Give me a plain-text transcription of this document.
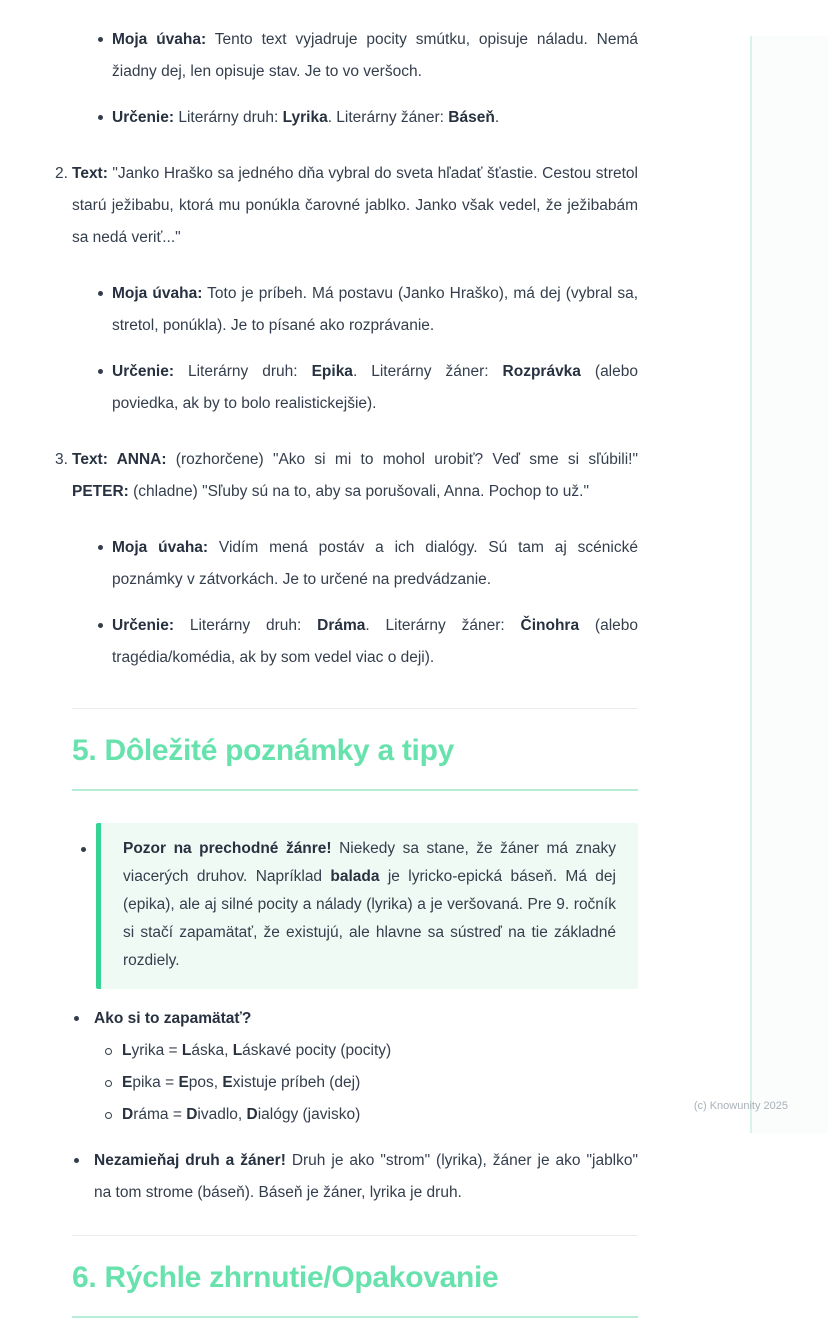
Moja úvaha: Tento text vyjadruje pocity smútku, opisuje náladu. Nemá žiadny dej, len opisuje stav. Je to vo veršoch.

Určenie: Literárny druh: Lyrika. Literárny žáner: Báseň.

2. Text: "Janko Hraško sa jedného dňa vybral do sveta hľadať šťastie. Cestou stretol starú ježibabu, ktorá mu ponúkla čarovné jablko. Janko však vedel, že ježibabám sa nedá veriť..."

Moja úvaha: Toto je príbeh. Má postavu (Janko Hraško), má dej (vybral sa, stretol, ponúkla). Je to písané ako rozprávanie.

Určenie: Literárny druh: Epika. Literárny žáner: Rozprávka (alebo poviedka, ak by to bolo realistickejšie).

3. Text: ANNA: (rozhorčene) "Ako si mi to mohol urobiť? Veď sme si sľúbili!" PETER: (chladne) "Sľuby sú na to, aby sa porušovali, Anna. Pochop to už."

Moja úvaha: Vidím mená postáv a ich dialógy. Sú tam aj scénické poznámky v zátvorkách. Je to určené na predvádzanie.

Určenie: Literárny druh: Dráma. Literárny žáner: Činohra (alebo tragédia/komédia, ak by som vedel viac o deji).

5. Dôležité poznámky a tipy

Pozor na prechodné žánre! Niekedy sa stane, že žáner má znaky viacerých druhov. Napríklad balada je lyricko-epická báseň. Má dej (epika), ale aj silné pocity a nálady (lyrika) a je veršovaná. Pre 9. ročník si stačí zapamätať, že existujú, ale hlavne sa sústreď na tie základné rozdiely.

Ako si to zapamätať?

Lyrika = Láska, Láskavé pocity (pocity)

Epika = Epos, Existuje príbeh (dej)

Dráma = Divadlo, Dialógy (javisko)

Nezamieňaj druh a žáner! Druh je ako "strom" (lyrika), žáner je ako "jablko" na tom strome (báseň). Báseň je žáner, lyrika je druh.

6. Rýchle zhrnutie/Opakovanie
(c) Knowunity 2025
